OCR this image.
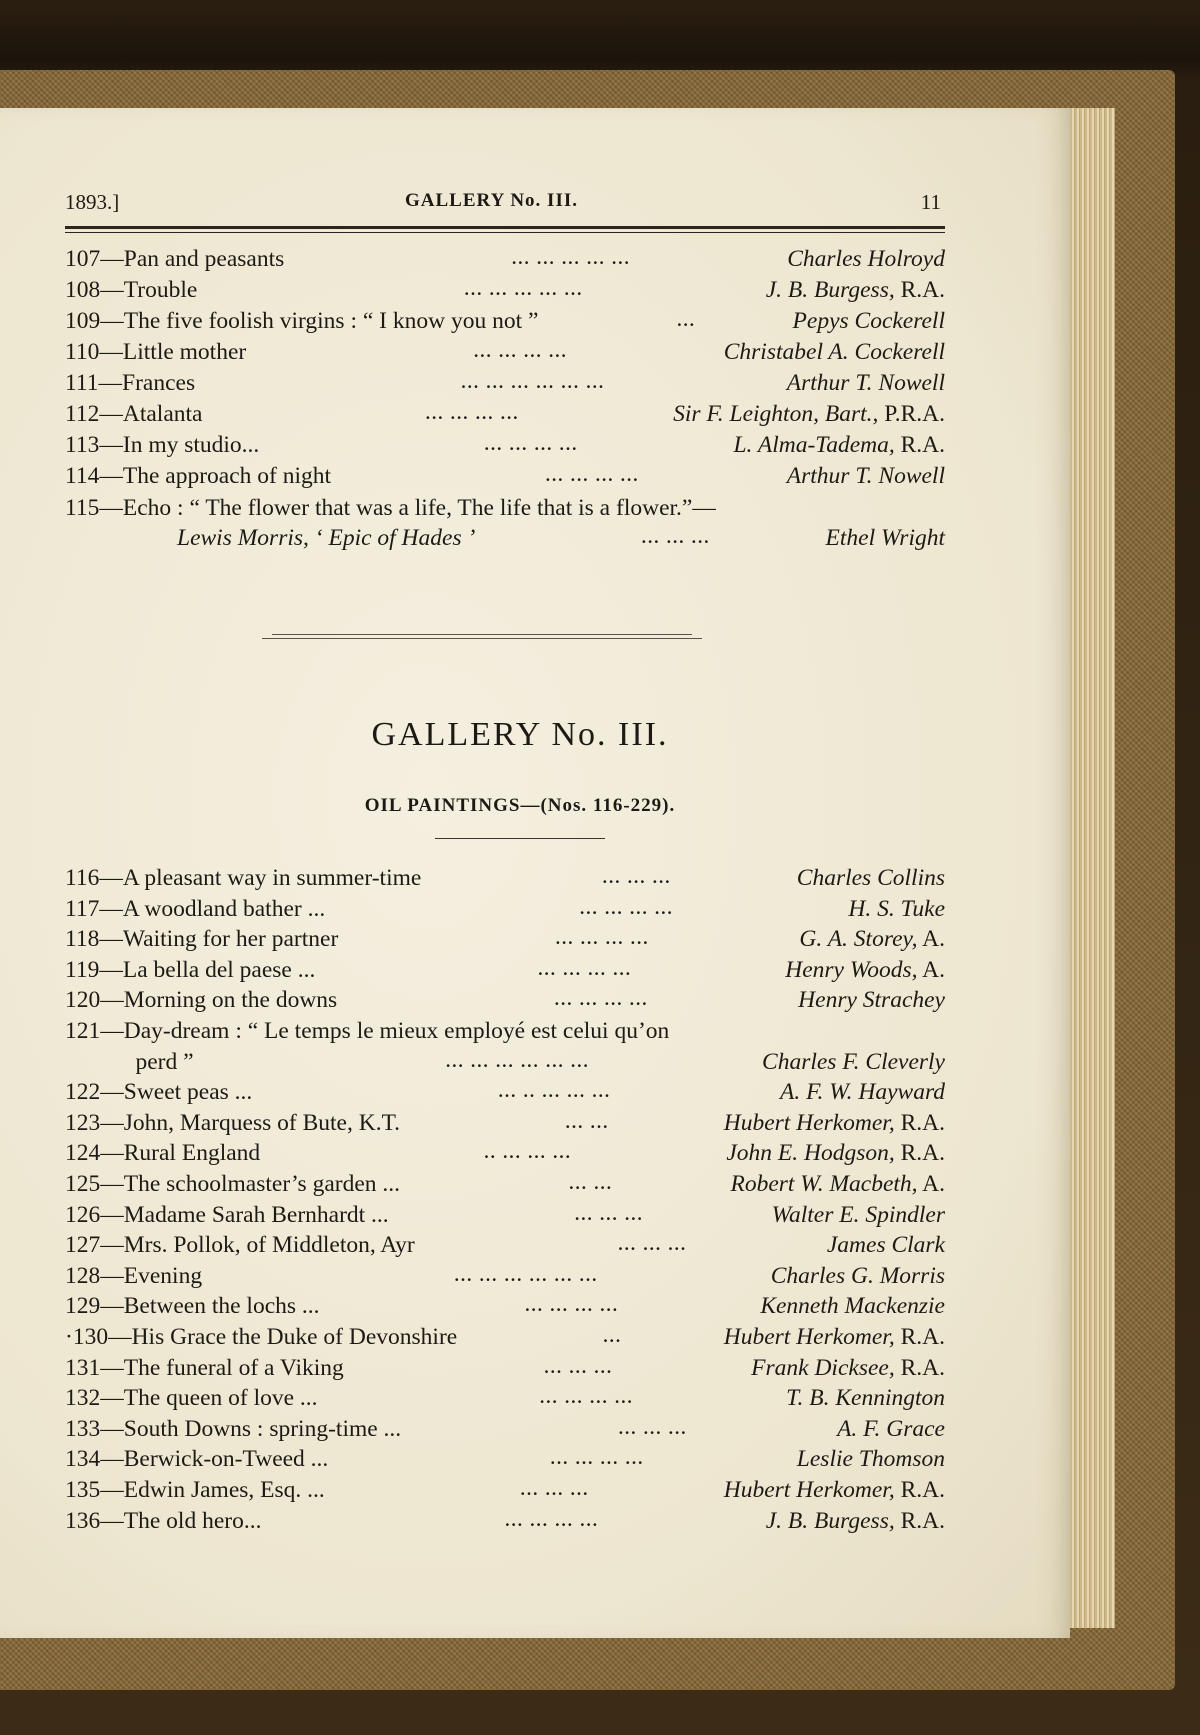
1893.]	GALLERY No. III.	11
107—Pan and peasants	... ... ... ... ...	Charles Holroyd
108—Trouble	... ... ... ... ...	J. B. Burgess, R.A.
109—The five foolish virgins : “ I know you not ”	...	Pepys Cockerell
110—Little mother	... ... ... ...	Christabel A. Cockerell
111—Frances	... ... ... ... ... ...	Arthur T. Nowell
112—Atalanta	... ... ... ...	Sir F. Leighton, Bart., P.R.A.
113—In my studio...	... ... ... ...	L. Alma-Tadema, R.A.
114—The approach of night	... ... ... ...	Arthur T. Nowell
115—Echo : “ The flower that was a life, The life that is a flower.”—
Lewis Morris, ‘ Epic of Hades ’	... ... ...	Ethel Wright
GALLERY No. III.
OIL PAINTINGS—(Nos. 116-229).
116—A pleasant way in summer-time	... ... ...	Charles Collins
117—A woodland bather ...	... ... ... ...	H. S. Tuke
118—Waiting for her partner	... ... ... ...	G. A. Storey, A.
119—La bella del paese ...	... ... ... ...	Henry Woods, A.
120—Morning on the downs	... ... ... ...	Henry Strachey
121—Day-dream : “ Le temps le mieux employé est celui qu’on
perd ”	... ... ... ... ... ...	Charles F. Cleverly
122—Sweet peas ...	... .. ... ... ...	A. F. W. Hayward
123—John, Marquess of Bute, K.T.	... ...	Hubert Herkomer, R.A.
124—Rural England	.. ... ... ...	John E. Hodgson, R.A.
125—The schoolmaster’s garden ...	... ...	Robert W. Macbeth, A.
126—Madame Sarah Bernhardt ...	... ... ...	Walter E. Spindler
127—Mrs. Pollok, of Middleton, Ayr	... ... ...	James Clark
128—Evening	... ... ... ... ... ...	Charles G. Morris
129—Between the lochs ...	... ... ... ...	Kenneth Mackenzie
·130—His Grace the Duke of Devonshire	...	Hubert Herkomer, R.A.
131—The funeral of a Viking	... ... ...	Frank Dicksee, R.A.
132—The queen of love ...	... ... ... ...	T. B. Kennington
133—South Downs : spring-time ...	... ... ...	A. F. Grace
134—Berwick-on-Tweed ...	... ... ... ...	Leslie Thomson
135—Edwin James, Esq. ...	... ... ...	Hubert Herkomer, R.A.
136—The old hero...	... ... ... ...	J. B. Burgess, R.A.
